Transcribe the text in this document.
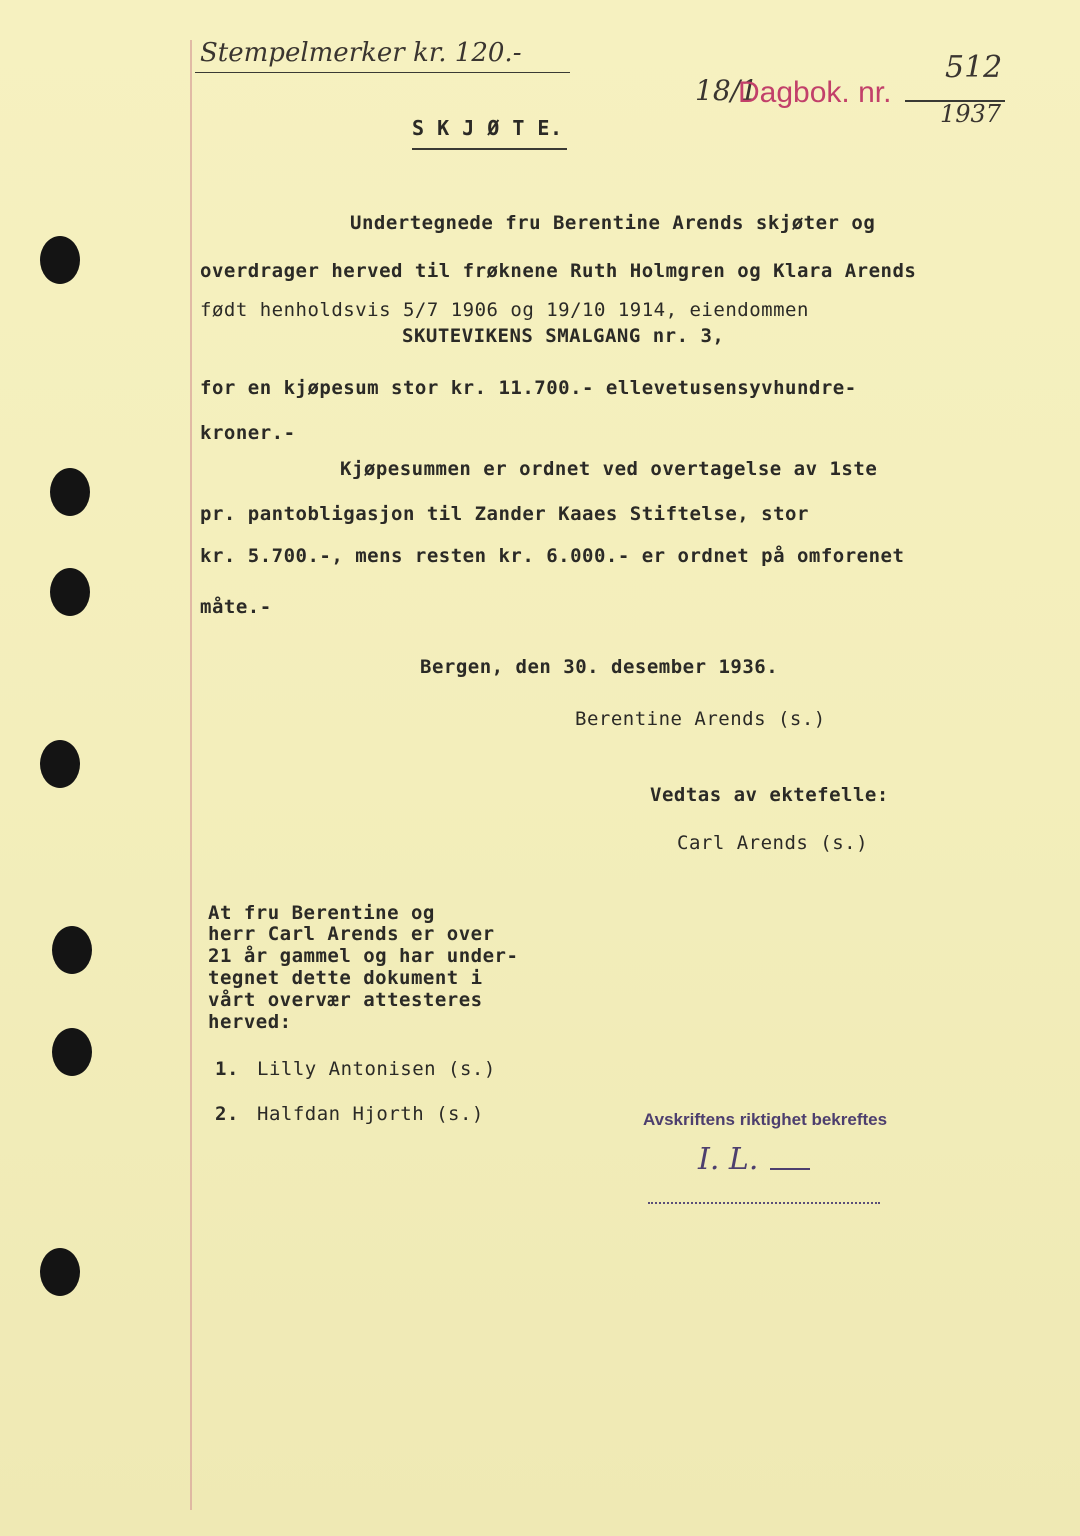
Stempelmerker kr. 120.-
18/1
Dagbok. nr.
512
1937
S K J Ø T E.
Undertegnede fru Berentine Arends skjøter og
overdrager herved til frøknene Ruth Holmgren og Klara Arends
født henholdsvis 5/7 1906 og 19/10 1914, eiendommen
SKUTEVIKENS SMALGANG nr. 3,
for en kjøpesum stor kr. 11.700.- ellevetusensyvhundre-
kroner.-
Kjøpesummen er ordnet ved overtagelse av 1ste
pr. pantobligasjon til Zander Kaaes Stiftelse, stor
kr. 5.700.-, mens resten kr. 6.000.- er ordnet på omforenet
måte.-
Bergen, den 30. desember 1936.
Berentine Arends (s.)
Vedtas av ektefelle:
Carl Arends (s.)
At fru Berentine og
herr Carl Arends er over
21 år gammel og har under-
tegnet dette dokument i
vårt overvær attesteres
herved:
1. Lilly Antonisen (s.)
2. Halfdan Hjorth (s.)	Avskriftens riktighet bekreftes
I. L.
